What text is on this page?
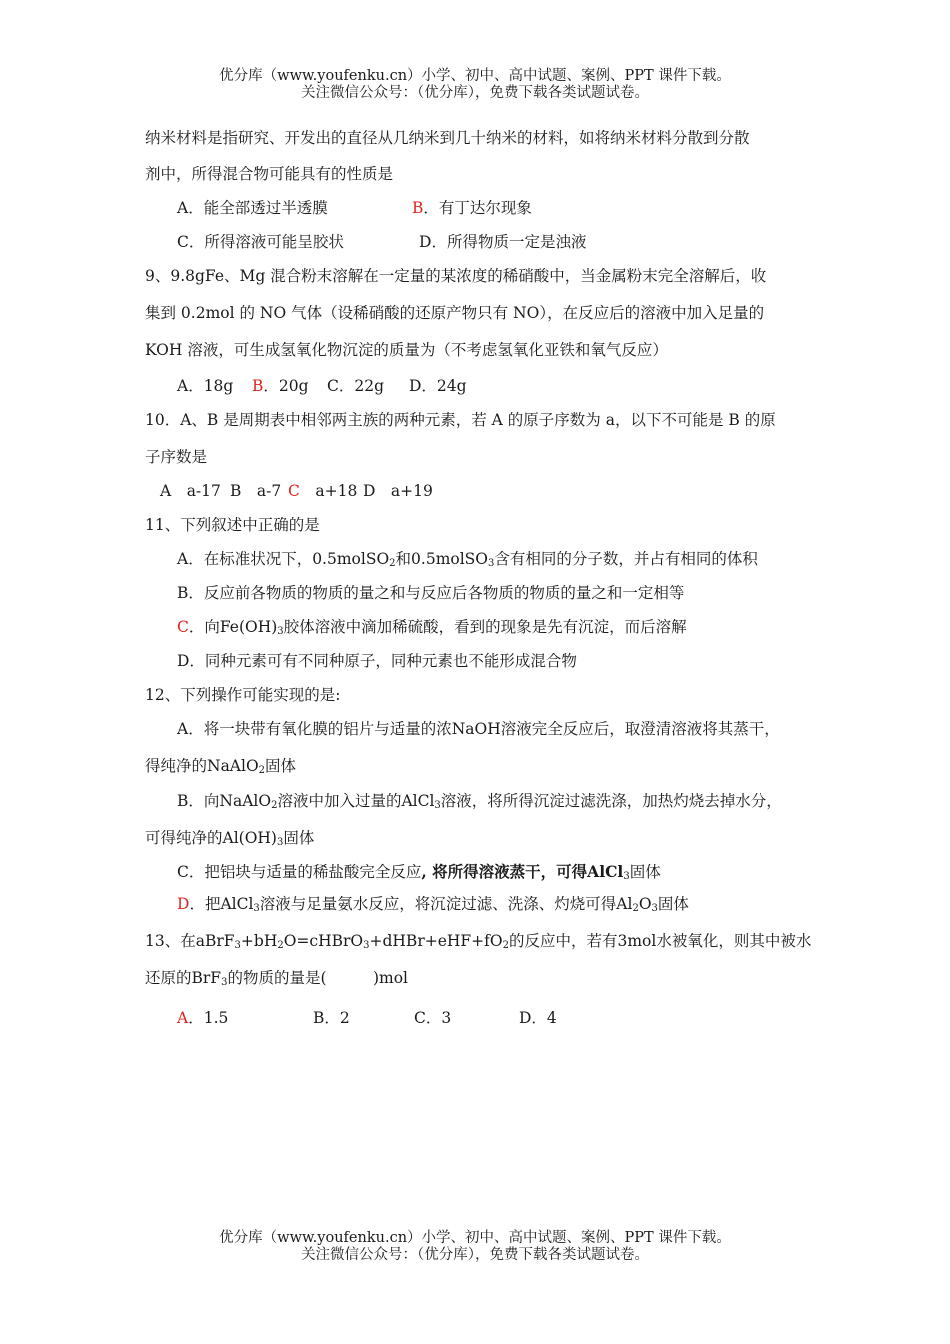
优分库（www.youfenku.cn）小学、初中、高中试题、案例、PPT 课件下载。
关注微信公众号：（优分库），免费下载各类试题试卷。
纳米材料是指研究、开发出的直径从几纳米到几十纳米的材料，如将纳米材料分散到分散
剂中，所得混合物可能具有的性质是
A．能全部透过半透膜	B．有丁达尔现象
C．所得溶液可能呈胶状	D．所得物质一定是浊液
9、9.8gFe、Mg 混合粉末溶解在一定量的某浓度的稀硝酸中，当金属粉末完全溶解后，收
集到 0.2mol 的 NO 气体（设稀硝酸的还原产物只有 NO），在反应后的溶液中加入足量的
KOH 溶液，可生成氢氧化物沉淀的质量为（不考虑氢氧化亚铁和氧气反应）
A．18g B．20g C．22g D．24g
10．A、B 是周期表中相邻两主族的两种元素，若 A 的原子序数为 a，以下不可能是 B 的原
子序数是
A　a-17 B　a-7 C　a+18 D　a+19
11、下列叙述中正确的是
A．在标准状况下，0.5molSO$_2$和0.5molSO$_3$含有相同的分子数，并占有相同的体积
B．反应前各物质的物质的量之和与反应后各物质的物质的量之和一定相等
C．向$Fe(OH)_3$胶体溶液中滴加稀硫酸，看到的现象是先有沉淀，而后溶解
D．同种元素可有不同种原子，同种元素也不能形成混合物
12、下列操作可能实现的是:
A．将一块带有氧化膜的铝片与适量的浓NaOH溶液完全反应后，取澄清溶液将其蒸干，
得纯净的NaAlO$_2$固体
B．向NaAlO$_2$溶液中加入过量的AlCl$_3$溶液，将所得沉淀过滤洗涤，加热灼烧去掉水分，
可得纯净的$Al(OH)_3$固体
C．把铝块与适量的稀盐酸完全反应, 将所得溶液蒸干，可得AlCl$_3$固体
D．把AlCl$_3$溶液与足量氨水反应，将沉淀过滤、洗涤、灼烧可得$Al_2O_3$固体
13、在$aBrF_3+bH_2O=cHBrO_3+dHBr+eHF+fO_2$的反应中，若有3mol水被氧化，则其中被水
还原的BrF$_3$的物质的量是(　　　)mol
A．1.5	B．2	C．3	D．4
优分库（www.youfenku.cn）小学、初中、高中试题、案例、PPT 课件下载。
关注微信公众号：（优分库），免费下载各类试题试卷。
